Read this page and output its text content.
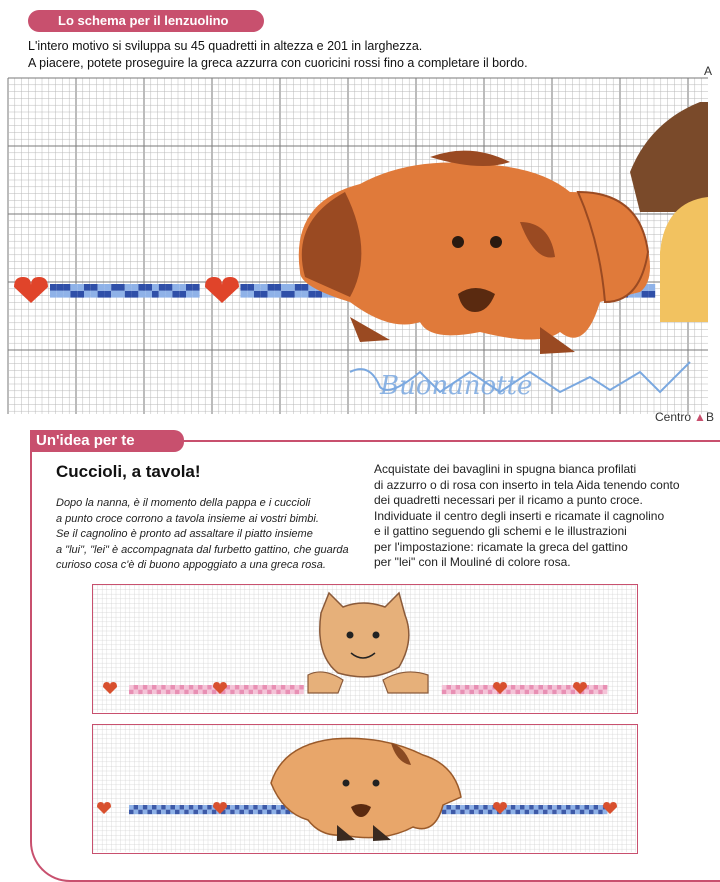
Lo schema per il lenzuolino
L'intero motivo si sviluppa su 45 quadretti in altezza e 201 in larghezza.
A piacere, potete proseguire la greca azzurra con cuoricini rossi fino a completare il bordo.
Buonanotte
A
Centro ▲ B
Un'idea per te
Cuccioli, a tavola!
Dopo la nanna, è il momento della pappa e i cuccioli
a punto croce corrono a tavola insieme ai vostri bimbi.
Se il cagnolino è pronto ad assaltare il piatto insieme
a "lui", "lei" è accompagnata dal furbetto gattino, che guarda
curioso cosa c'è di buono appoggiato a una greca rosa.

Acquistate dei bavaglini in spugna bianca profilati

di azzurro o di rosa con inserto in tela Aida tenendo conto

dei quadretti necessari per il ricamo a punto croce.

Individuate il centro degli inserti e ricamate il cagnolino

e il gattino seguendo gli schemi e le illustrazioni

per l'impostazione: ricamate la greca del gattino

per "lei" con il Mouliné di colore rosa.
